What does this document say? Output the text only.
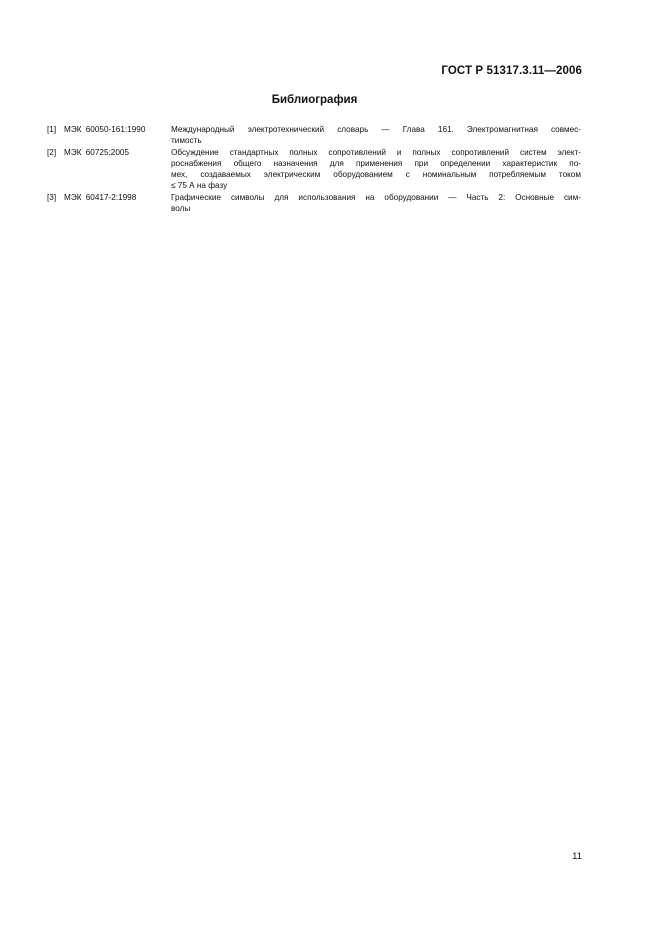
ГОСТ Р 51317.3.11—2006
Библиография
[1] МЭК 60050-161:1990	Международный электротехнический словарь — Глава 161. Электромагнитная совмес-
тимость
[2] МЭК 60725:2005	Обсуждение стандартных полных сопротивлений и полных сопротивлений систем элект-
роснабжения общего назначения для применения при определении характеристик по-
мех, создаваемых электрическим оборудованием с номинальным потребляемым током
≤ 75 А на фазу
[3] МЭК 60417-2:1998	Графические символы для использования на оборудовании — Часть 2: Основные сим-
волы
11
